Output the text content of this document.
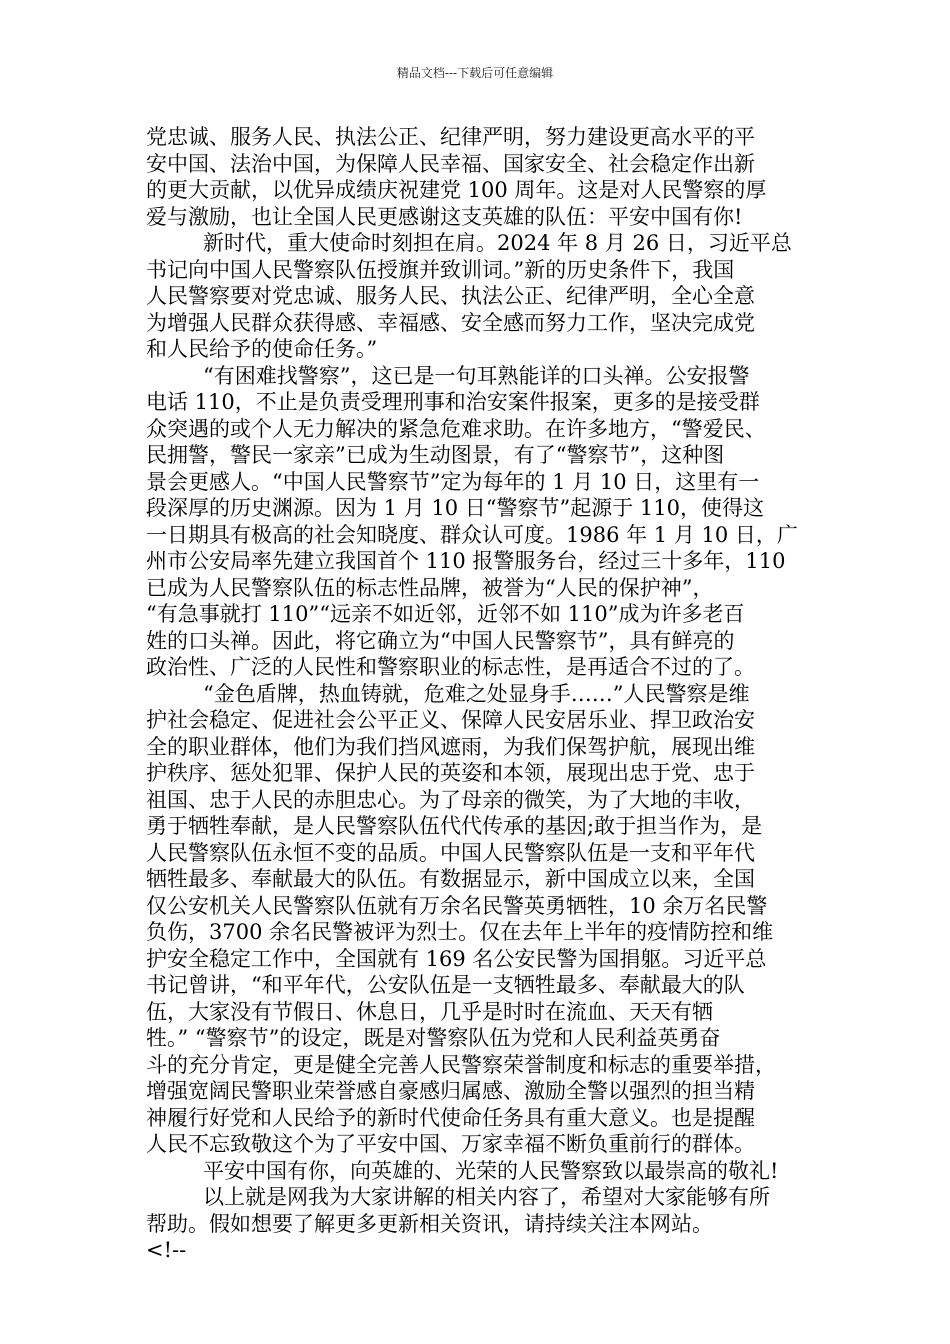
精品文档---下载后可任意编辑
党忠诚、服务人民、执法公正、纪律严明，努力建设更高水平的平
安中国、法治中国，为保障人民幸福、国家安全、社会稳定作出新
的更大贡献，以优异成绩庆祝建党 100 周年。这是对人民警察的厚
爱与激励，也让全国人民更感谢这支英雄的队伍：平安中国有你!
新时代，重大使命时刻担在肩。2024 年 8 月 26 日，习近平总
书记向中国人民警察队伍授旗并致训词。”新的历史条件下，我国
人民警察要对党忠诚、服务人民、执法公正、纪律严明，全心全意
为增强人民群众获得感、幸福感、安全感而努力工作，坚决完成党
和人民给予的使命任务。”
“有困难找警察”，这已是一句耳熟能详的口头禅。公安报警
电话 110，不止是负责受理刑事和治安案件报案，更多的是接受群
众突遇的或个人无力解决的紧急危难求助。在许多地方，“警爱民、
民拥警，警民一家亲”已成为生动图景，有了“警察节”，这种图
景会更感人。“中国人民警察节”定为每年的 1 月 10 日，这里有一
段深厚的历史渊源。因为 1 月 10 日“警察节”起源于 110，使得这
一日期具有极高的社会知晓度、群众认可度。1986 年 1 月 10 日，广
州市公安局率先建立我国首个 110 报警服务台，经过三十多年，110
已成为人民警察队伍的标志性品牌，被誉为“人民的保护神”，
“有急事就打 110”“远亲不如近邻，近邻不如 110”成为许多老百
姓的口头禅。因此，将它确立为“中国人民警察节”，具有鲜亮的
政治性、广泛的人民性和警察职业的标志性，是再适合不过的了。
“金色盾牌，热血铸就，危难之处显身手……”人民警察是维
护社会稳定、促进社会公平正义、保障人民安居乐业、捍卫政治安
全的职业群体，他们为我们挡风遮雨，为我们保驾护航，展现出维
护秩序、惩处犯罪、保护人民的英姿和本领，展现出忠于党、忠于
祖国、忠于人民的赤胆忠心。为了母亲的微笑，为了大地的丰收，
勇于牺牲奉献，是人民警察队伍代代传承的基因;敢于担当作为，是
人民警察队伍永恒不变的品质。中国人民警察队伍是一支和平年代
牺牲最多、奉献最大的队伍。有数据显示，新中国成立以来，全国
仅公安机关人民警察队伍就有万余名民警英勇牺牲，10 余万名民警
负伤，3700 余名民警被评为烈士。仅在去年上半年的疫情防控和维
护安全稳定工作中，全国就有 169 名公安民警为国捐躯。习近平总
书记曾讲，“和平年代，公安队伍是一支牺牲最多、奉献最大的队
伍，大家没有节假日、休息日，几乎是时时在流血、天天有牺
牲。” “警察节”的设定，既是对警察队伍为党和人民利益英勇奋
斗的充分肯定，更是健全完善人民警察荣誉制度和标志的重要举措，
增强宽阔民警职业荣誉感自豪感归属感、激励全警以强烈的担当精
神履行好党和人民给予的新时代使命任务具有重大意义。也是提醒
人民不忘致敬这个为了平安中国、万家幸福不断负重前行的群体。
平安中国有你，向英雄的、光荣的人民警察致以最崇高的敬礼!
以上就是网我为大家讲解的相关内容了，希望对大家能够有所
帮助。假如想要了解更多更新相关资讯，请持续关注本网站。
<!--
